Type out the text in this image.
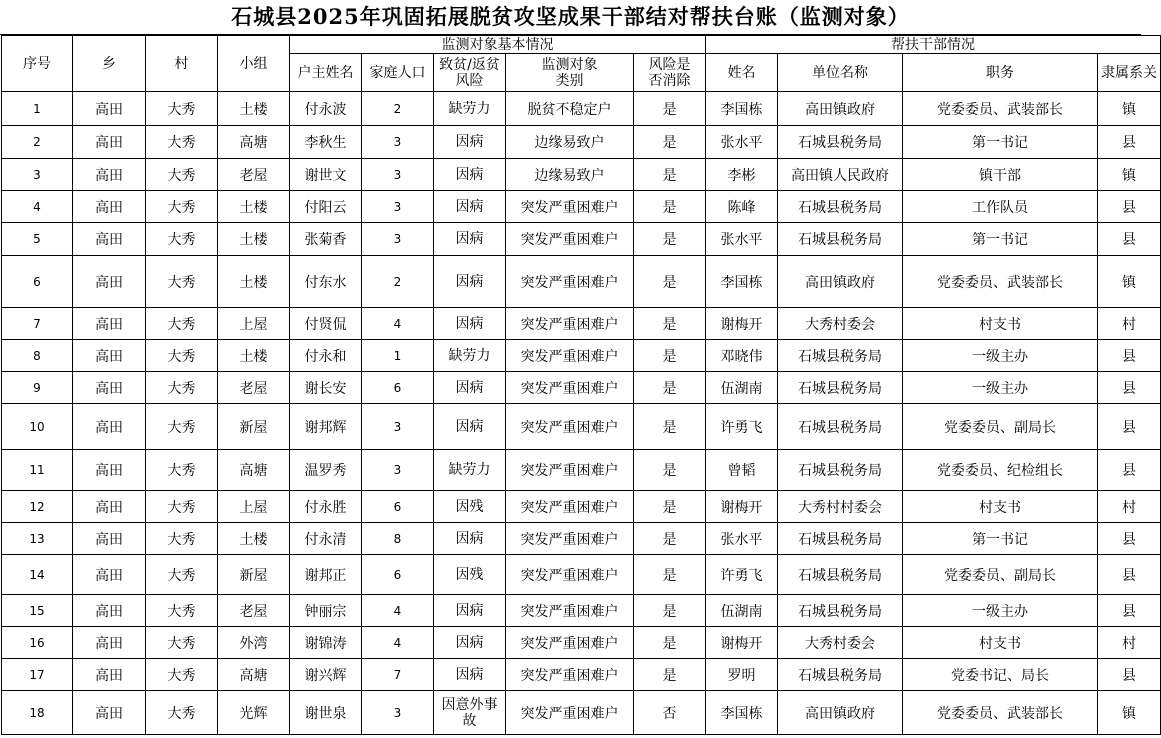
石城县2025年巩固拓展脱贫攻坚成果干部结对帮扶台账（监测对象）
序号	乡	村	小组	监测对象基本情况					帮扶干部情况			
				户主姓名	家庭人口	致贫/返贫风险	监测对象类别	风险是否消除	姓名	单位名称	职务	隶属系关
1	高田	大秀	土楼	付永波	2	缺劳力	脱贫不稳定户	是	李国栋	高田镇政府	党委委员、武装部长	镇
2	高田	大秀	高塘	李秋生	3	因病	边缘易致户	是	张水平	石城县税务局	第一书记	县
3	高田	大秀	老屋	谢世文	3	因病	边缘易致户	是	李彬	高田镇人民政府	镇干部	镇
4	高田	大秀	土楼	付阳云	3	因病	突发严重困难户	是	陈峰	石城县税务局	工作队员	县
5	高田	大秀	土楼	张菊香	3	因病	突发严重困难户	是	张水平	石城县税务局	第一书记	县
6	高田	大秀	土楼	付东水	2	因病	突发严重困难户	是	李国栋	高田镇政府	党委委员、武装部长	镇
7	高田	大秀	上屋	付贤侃	4	因病	突发严重困难户	是	谢梅开	大秀村委会	村支书	村
8	高田	大秀	土楼	付永和	1	缺劳力	突发严重困难户	是	邓晓伟	石城县税务局	一级主办	县
9	高田	大秀	老屋	谢长安	6	因病	突发严重困难户	是	伍湖南	石城县税务局	一级主办	县
10	高田	大秀	新屋	谢邦辉	3	因病	突发严重困难户	是	许勇飞	石城县税务局	党委委员、副局长	县
11	高田	大秀	高塘	温罗秀	3	缺劳力	突发严重困难户	是	曾韬	石城县税务局	党委委员、纪检组长	县
12	高田	大秀	上屋	付永胜	6	因残	突发严重困难户	是	谢梅开	大秀村村委会	村支书	村
13	高田	大秀	土楼	付永清	8	因病	突发严重困难户	是	张水平	石城县税务局	第一书记	县
14	高田	大秀	新屋	谢邦正	6	因残	突发严重困难户	是	许勇飞	石城县税务局	党委委员、副局长	县
15	高田	大秀	老屋	钟丽宗	4	因病	突发严重困难户	是	伍湖南	石城县税务局	一级主办	县
16	高田	大秀	外湾	谢锦涛	4	因病	突发严重困难户	是	谢梅开	大秀村委会	村支书	村
17	高田	大秀	高塘	谢兴辉	7	因病	突发严重困难户	是	罗明	石城县税务局	党委书记、局长	县
18	高田	大秀	光辉	谢世泉	3	因意外事故	突发严重困难户	否	李国栋	高田镇政府	党委委员、武装部长	镇
